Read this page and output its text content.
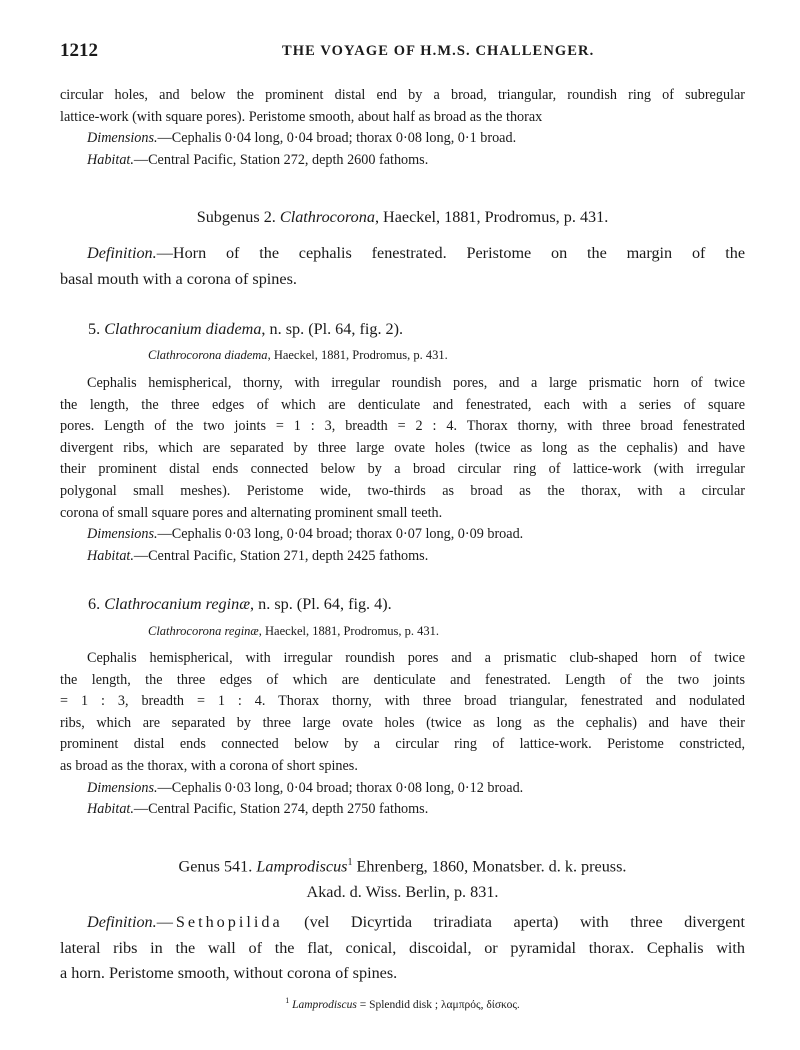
1212	THE VOYAGE OF H.M.S. CHALLENGER.
circular holes, and below the prominent distal end by a broad, triangular, roundish ring of subregular
lattice-work (with square pores). Peristome smooth, about half as broad as the thorax
Dimensions.—Cephalis 0·04 long, 0·04 broad; thorax 0·08 long, 0·1 broad.
Habitat.—Central Pacific, Station 272, depth 2600 fathoms.
Subgenus 2. Clathrocorona, Haeckel, 1881, Prodromus, p. 431.
Definition.—Horn of the cephalis fenestrated. Peristome on the margin of the
basal mouth with a corona of spines.
5. Clathrocanium diadema, n. sp. (Pl. 64, fig. 2).
Clathrocorona diadema, Haeckel, 1881, Prodromus, p. 431.
Cephalis hemispherical, thorny, with irregular roundish pores, and a large prismatic horn of twice
the length, the three edges of which are denticulate and fenestrated, each with a series of square
pores. Length of the two joints = 1 : 3, breadth = 2 : 4. Thorax thorny, with three broad fenestrated
divergent ribs, which are separated by three large ovate holes (twice as long as the cephalis) and have
their prominent distal ends connected below by a broad circular ring of lattice-work (with irregular
polygonal small meshes). Peristome wide, two-thirds as broad as the thorax, with a circular
corona of small square pores and alternating prominent small teeth.
Dimensions.—Cephalis 0·03 long, 0·04 broad; thorax 0·07 long, 0·09 broad.
Habitat.—Central Pacific, Station 271, depth 2425 fathoms.
6. Clathrocanium reginæ, n. sp. (Pl. 64, fig. 4).
Clathrocorona reginæ, Haeckel, 1881, Prodromus, p. 431.
Cephalis hemispherical, with irregular roundish pores and a prismatic club-shaped horn of twice
the length, the three edges of which are denticulate and fenestrated. Length of the two joints
= 1 : 3, breadth = 1 : 4. Thorax thorny, with three broad triangular, fenestrated and nodulated
ribs, which are separated by three large ovate holes (twice as long as the cephalis) and have their
prominent distal ends connected below by a circular ring of lattice-work. Peristome constricted,
as broad as the thorax, with a corona of short spines.
Dimensions.—Cephalis 0·03 long, 0·04 broad; thorax 0·08 long, 0·12 broad.
Habitat.—Central Pacific, Station 274, depth 2750 fathoms.
Genus 541. Lamprodiscus$^1$ Ehrenberg, 1860, Monatsber. d. k. preuss.
Akad. d. Wiss. Berlin, p. 831.
Definition.—Sethopilida (vel Dicyrtida triradiata aperta) with three divergent
lateral ribs in the wall of the flat, conical, discoidal, or pyramidal thorax. Cephalis with
a horn. Peristome smooth, without corona of spines.
$^1$ Lamprodiscus = Splendid disk ; λαμπρός, δίσκος.
